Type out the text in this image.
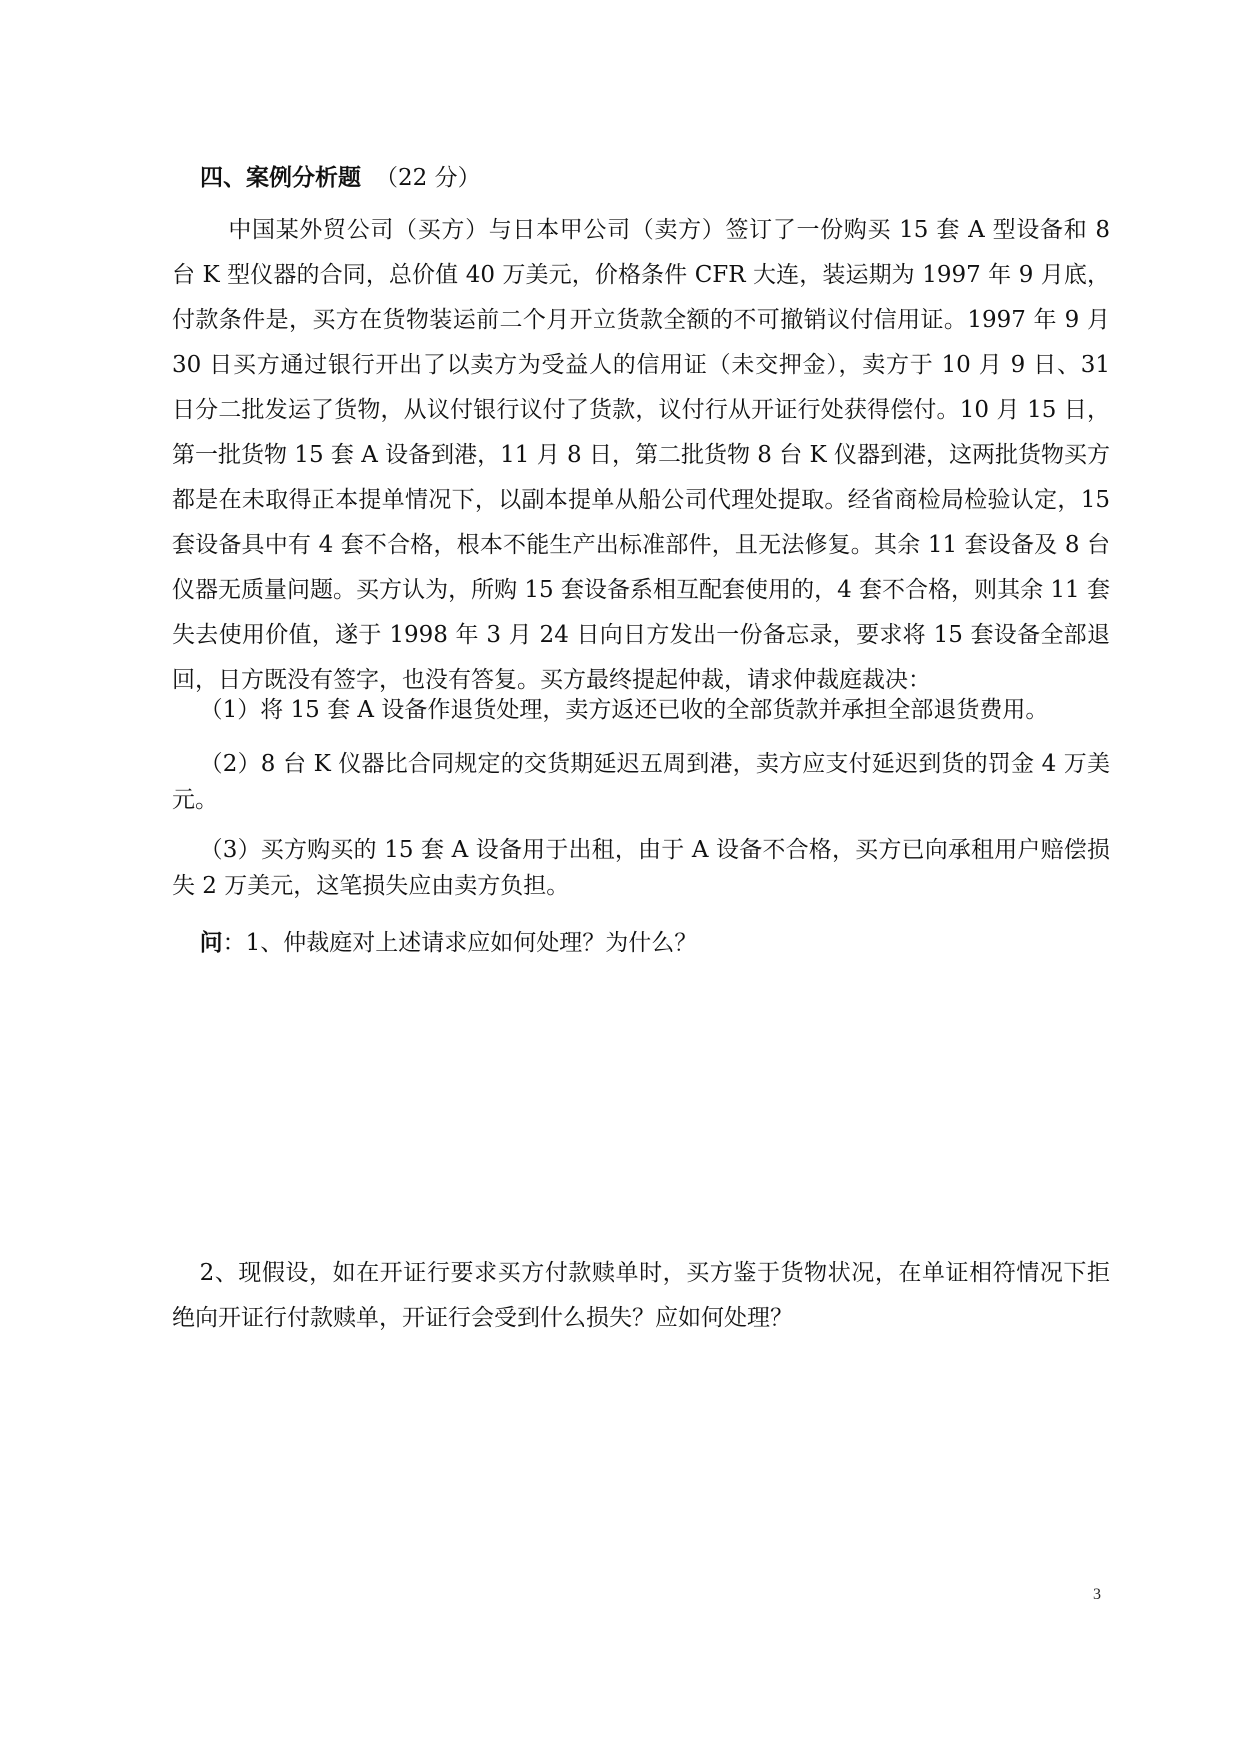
四、案例分析题 （22 分）

中国某外贸公司（买方）与日本甲公司（卖方）签订了一份购买 15 套 A 型设备和 8 台 K 型仪器的合同，总价值 40 万美元，价格条件 CFR 大连，装运期为 1997 年 9 月底，付款条件是，买方在货物装运前二个月开立货款全额的不可撤销议付信用证。1997 年 9 月 30 日买方通过银行开出了以卖方为受益人的信用证（未交押金），卖方于 10 月 9 日、31 日分二批发运了货物，从议付银行议付了货款，议付行从开证行处获得偿付。10 月 15 日，第一批货物 15 套 A 设备到港，11 月 8 日，第二批货物 8 台 K 仪器到港，这两批货物买方都是在未取得正本提单情况下，以副本提单从船公司代理处提取。经省商检局检验认定，15 套设备具中有 4 套不合格，根本不能生产出标准部件，且无法修复。其余 11 套设备及 8 台仪器无质量问题。买方认为，所购 15 套设备系相互配套使用的，4 套不合格，则其余 11 套失去使用价值，遂于 1998 年 3 月 24 日向日方发出一份备忘录，要求将 15 套设备全部退回，日方既没有签字，也没有答复。买方最终提起仲裁，请求仲裁庭裁决：

（1）将 15 套 A 设备作退货处理，卖方返还已收的全部货款并承担全部退货费用。

（2）8 台 K 仪器比合同规定的交货期延迟五周到港，卖方应支付延迟到货的罚金 4 万美元。

（3）买方购买的 15 套 A 设备用于出租，由于 A 设备不合格，买方已向承租用户赔偿损失 2 万美元，这笔损失应由卖方负担。

问：1、仲裁庭对上述请求应如何处理？为什么？

2、现假设，如在开证行要求买方付款赎单时，买方鉴于货物状况，在单证相符情况下拒绝向开证行付款赎单，开证行会受到什么损失？应如何处理？

3
